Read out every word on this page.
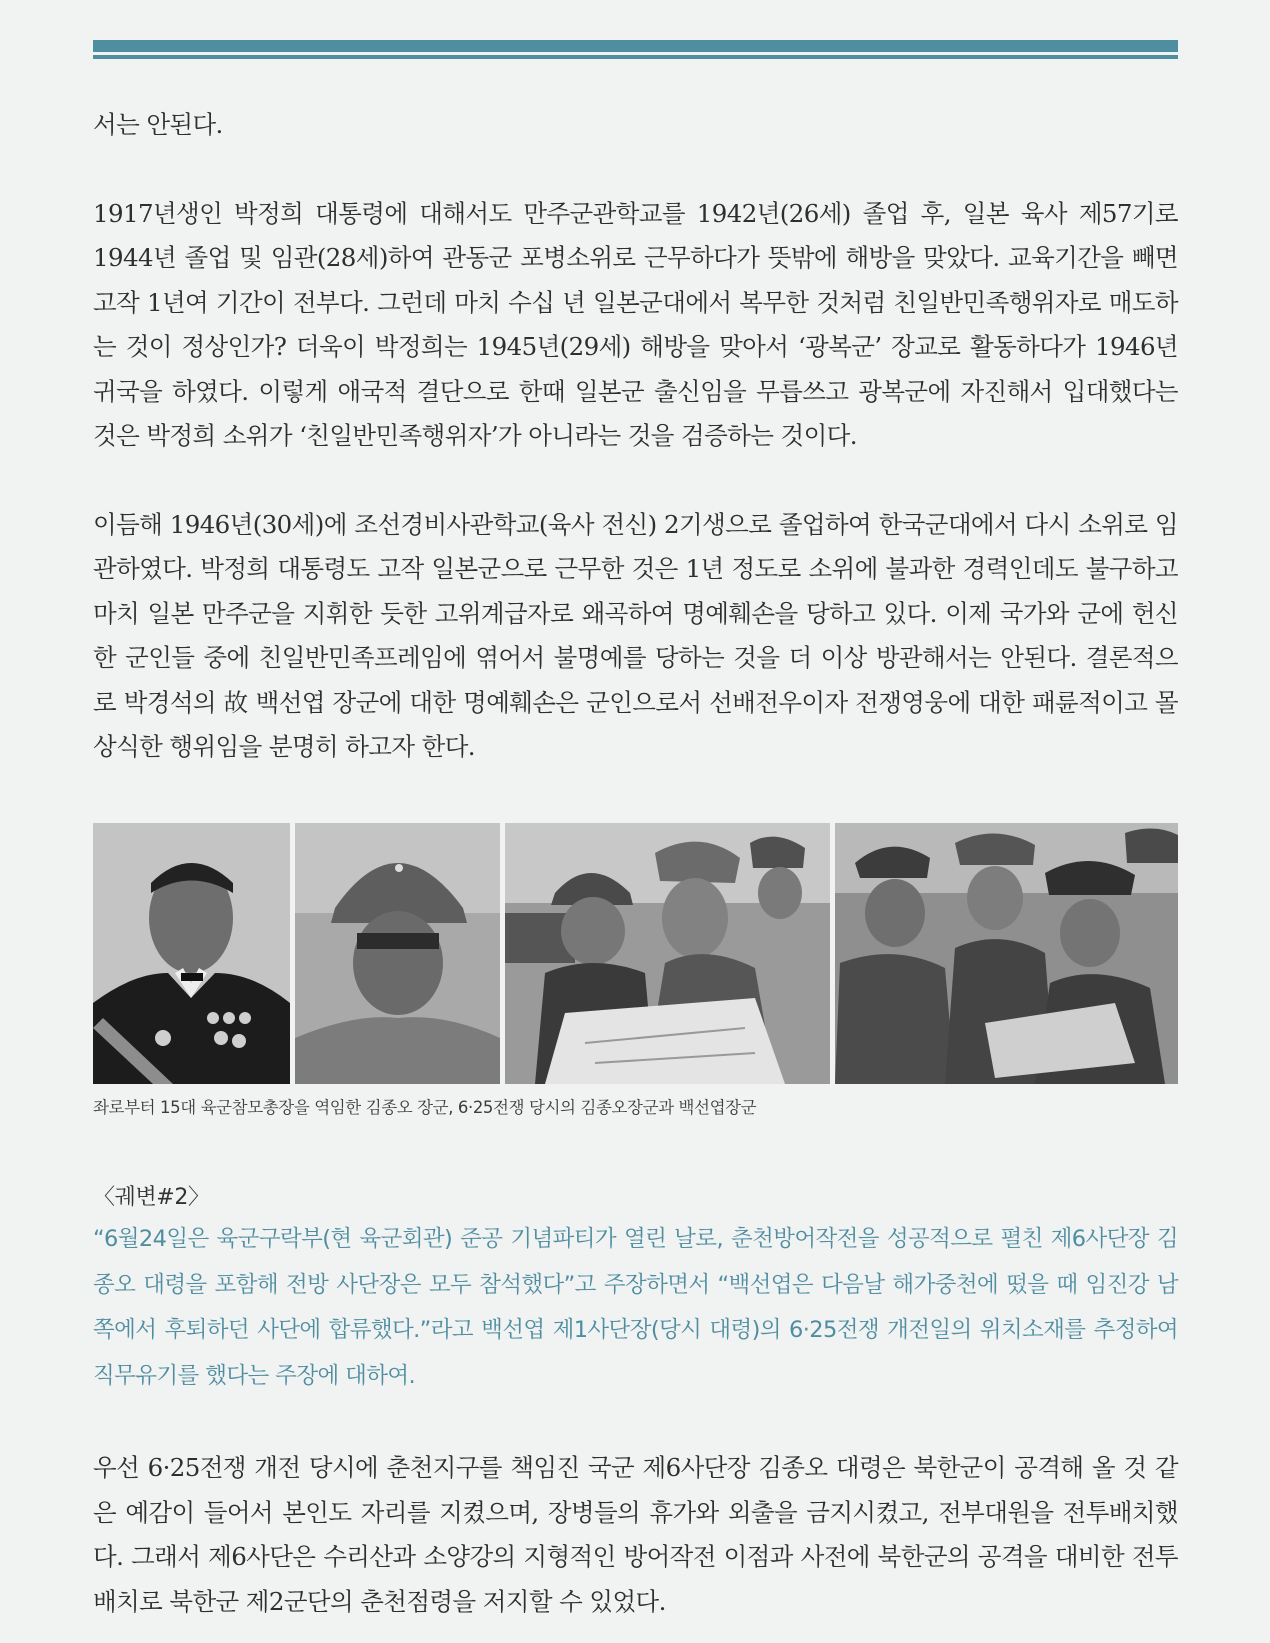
서는 안된다.

1917년생인 박정희 대통령에 대해서도 만주군관학교를 1942년(26세) 졸업 후, 일본 육사 제57기로 1944년 졸업 및 임관(28세)하여 관동군 포병소위로 근무하다가 뜻밖에 해방을 맞았다. 교육기간을 빼면 고작 1년여 기간이 전부다. 그런데 마치 수십 년 일본군대에서 복무한 것처럼 친일반민족행위자로 매도하는 것이 정상인가? 더욱이 박정희는 1945년(29세) 해방을 맞아서 ‘광복군’ 장교로 활동하다가 1946년 귀국을 하였다. 이렇게 애국적 결단으로 한때 일본군 출신임을 무릅쓰고 광복군에 자진해서 입대했다는 것은 박정희 소위가 ‘친일반민족행위자’가 아니라는 것을 검증하는 것이다.

이듬해 1946년(30세)에 조선경비사관학교(육사 전신) 2기생으로 졸업하여 한국군대에서 다시 소위로 임관하였다. 박정희 대통령도 고작 일본군으로 근무한 것은 1년 정도로 소위에 불과한 경력인데도 불구하고 마치 일본 만주군을 지휘한 듯한 고위계급자로 왜곡하여 명예훼손을 당하고 있다. 이제 국가와 군에 헌신한 군인들 중에 친일반민족프레임에 엮어서 불명예를 당하는 것을 더 이상 방관해서는 안된다. 결론적으로 박경석의 故 백선엽 장군에 대한 명예훼손은 군인으로서 선배전우이자 전쟁영웅에 대한 패륜적이고 몰상식한 행위임을 분명히 하고자 한다.

좌로부터 15대 육군참모총장을 역임한 김종오 장군, 6·25전쟁 당시의 김종오장군과 백선엽장군

〈궤변#2〉

“6월24일은 육군구락부(현 육군회관) 준공 기념파티가 열린 날로, 춘천방어작전을 성공적으로 펼친 제6사단장 김종오 대령을 포함해 전방 사단장은 모두 참석했다”고 주장하면서 “백선엽은 다음날 해가중천에 떴을 때 임진강 남쪽에서 후퇴하던 사단에 합류했다.”라고 백선엽 제1사단장(당시 대령)의 6·25전쟁 개전일의 위치소재를 추정하여 직무유기를 했다는 주장에 대하여.

우선 6·25전쟁 개전 당시에 춘천지구를 책임진 국군 제6사단장 김종오 대령은 북한군이 공격해 올 것 같은 예감이 들어서 본인도 자리를 지켰으며, 장병들의 휴가와 외출을 금지시켰고, 전부대원을 전투배치했다. 그래서 제6사단은 수리산과 소양강의 지형적인 방어작전 이점과 사전에 북한군의 공격을 대비한 전투배치로 북한군 제2군단의 춘천점령을 저지할 수 있었다.
